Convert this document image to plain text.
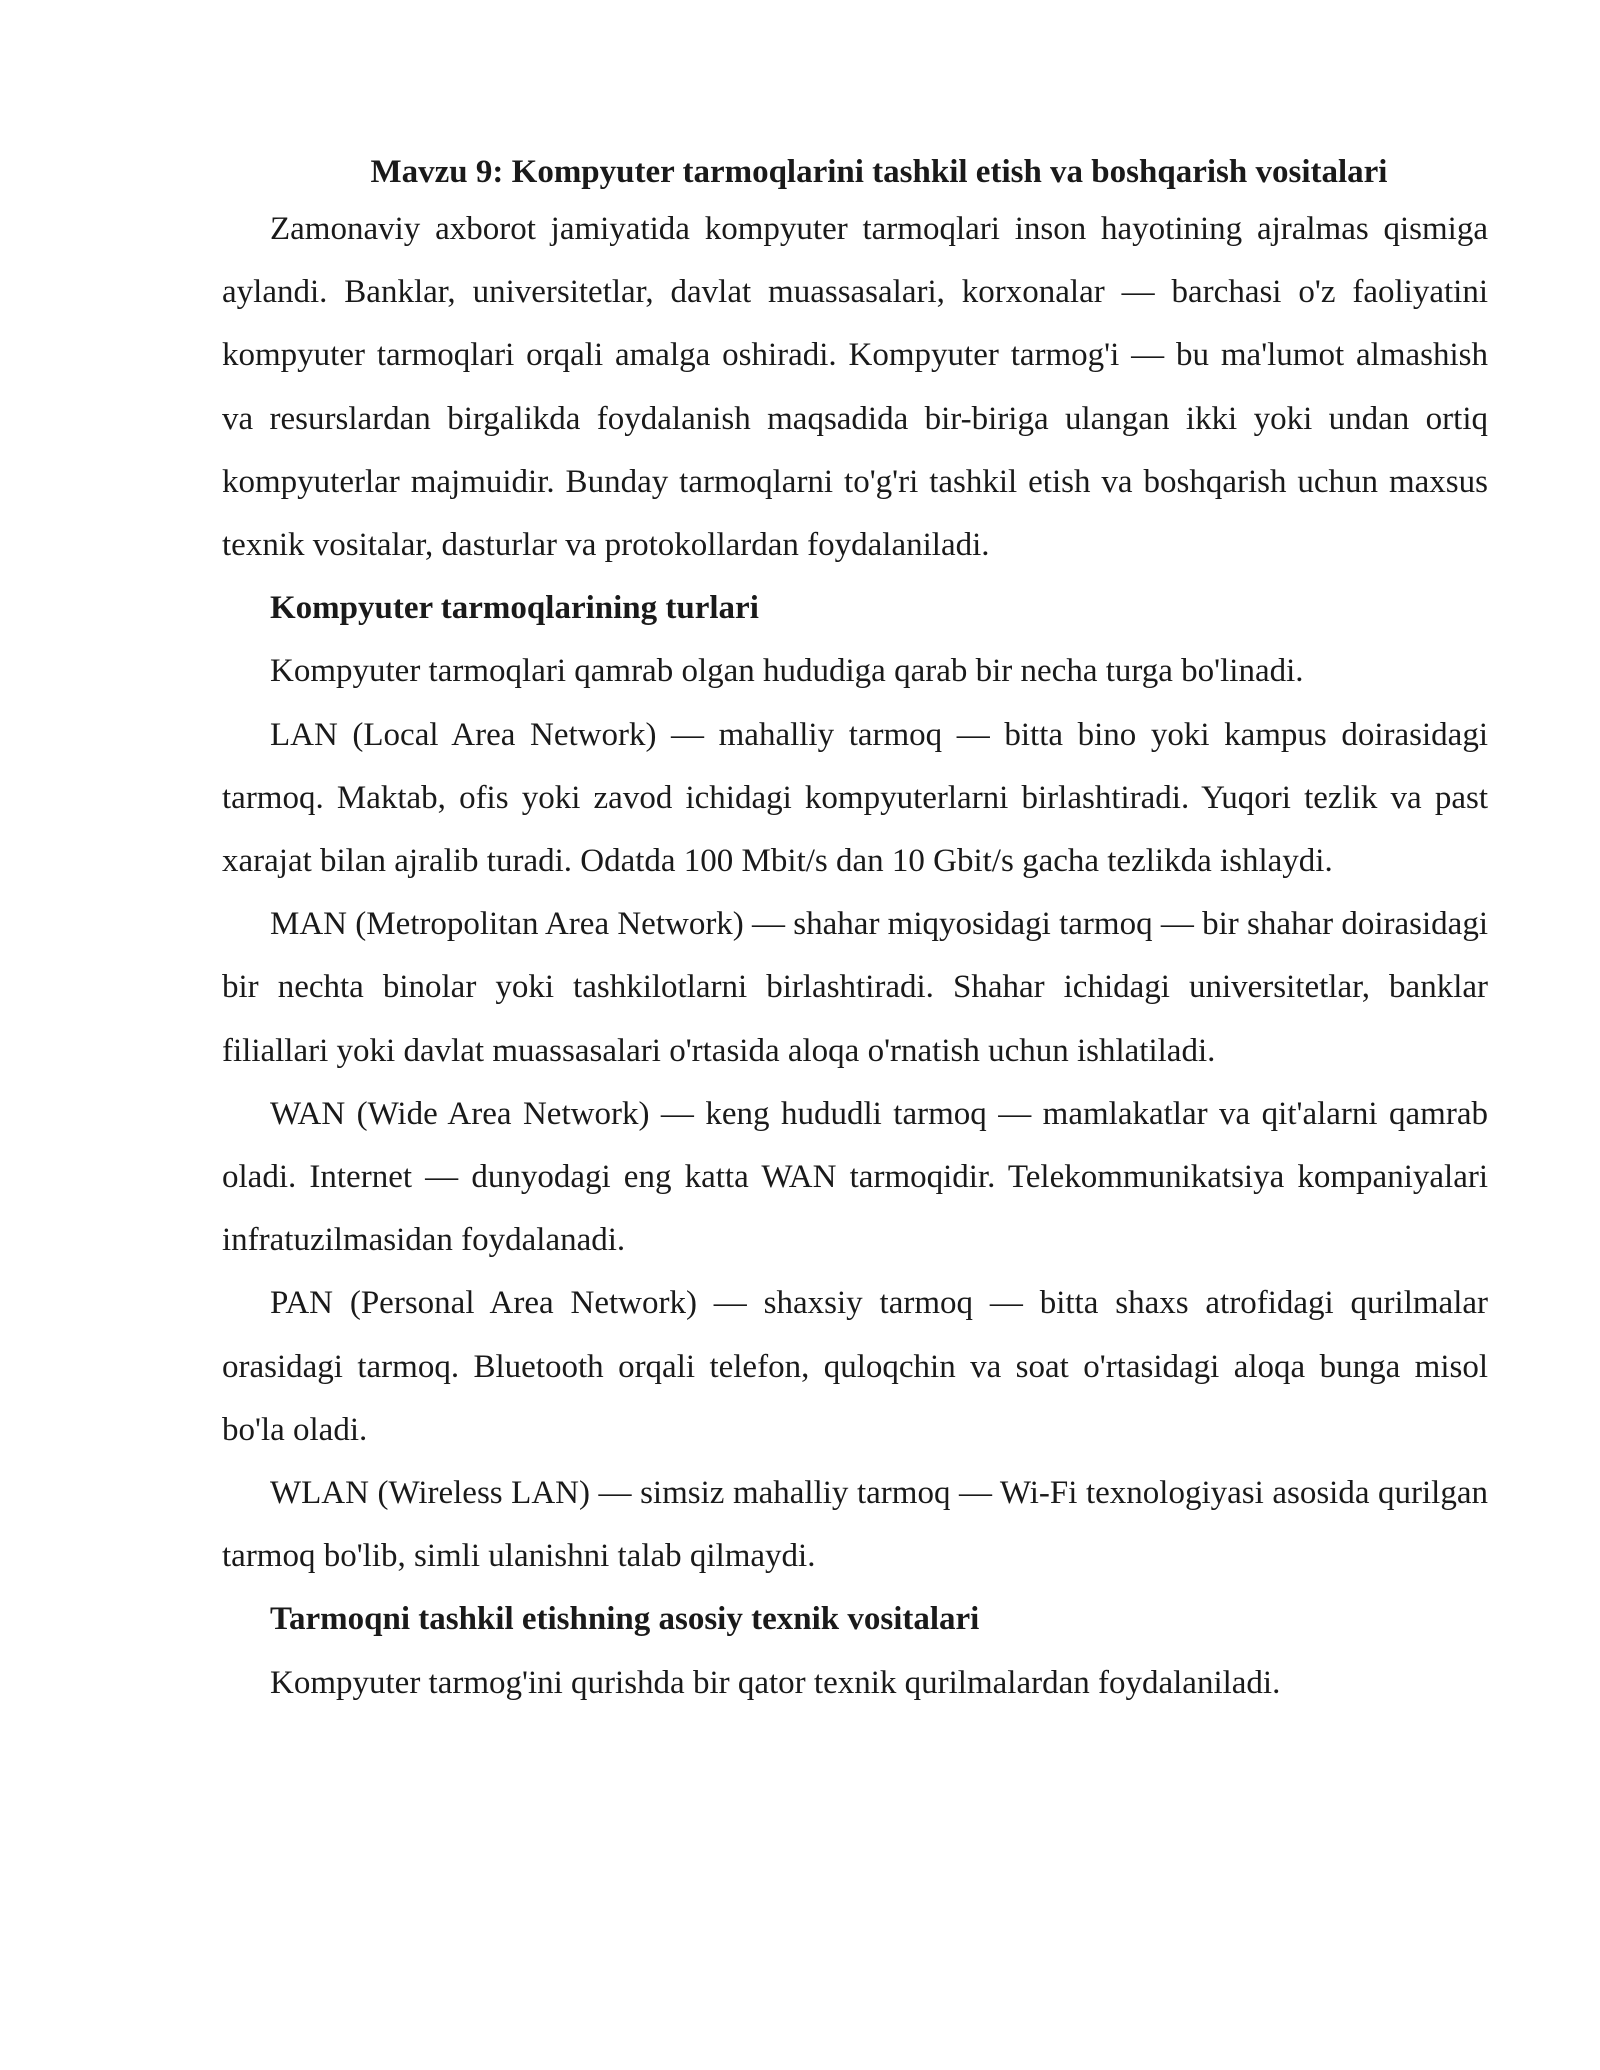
Mavzu 9: Kompyuter tarmoqlarini tashkil etish va boshqarish vositalari

Zamonaviy axborot jamiyatida kompyuter tarmoqlari inson hayotining ajralmas qismiga aylandi. Banklar, universitetlar, davlat muassasalari, korxonalar — barchasi o'z faoliyatini kompyuter tarmoqlari orqali amalga oshiradi. Kompyuter tarmog'i — bu ma'lumot almashish va resurslardan birgalikda foydalanish maqsadida bir-biriga ulangan ikki yoki undan ortiq kompyuterlar majmuidir. Bunday tarmoqlarni to'g'ri tashkil etish va boshqarish uchun maxsus texnik vositalar, dasturlar va protokollardan foydalaniladi.

Kompyuter tarmoqlarining turlari

Kompyuter tarmoqlari qamrab olgan hududiga qarab bir necha turga bo'linadi.

LAN (Local Area Network) — mahalliy tarmoq — bitta bino yoki kampus doirasidagi tarmoq. Maktab, ofis yoki zavod ichidagi kompyuterlarni birlashtiradi. Yuqori tezlik va past xarajat bilan ajralib turadi. Odatda 100 Mbit/s dan 10 Gbit/s gacha tezlikda ishlaydi.

MAN (Metropolitan Area Network) — shahar miqyosidagi tarmoq — bir shahar doirasidagi bir nechta binolar yoki tashkilotlarni birlashtiradi. Shahar ichidagi universitetlar, banklar filiallari yoki davlat muassasalari o'rtasida aloqa o'rnatish uchun ishlatiladi.

WAN (Wide Area Network) — keng hududli tarmoq — mamlakatlar va qit'alarni qamrab oladi. Internet — dunyodagi eng katta WAN tarmoqidir. Telekommunikatsiya kompaniyalari infratuzilmasidan foydalanadi.

PAN (Personal Area Network) — shaxsiy tarmoq — bitta shaxs atrofidagi qurilmalar orasidagi tarmoq. Bluetooth orqali telefon, quloqchin va soat o'rtasidagi aloqa bunga misol bo'la oladi.

WLAN (Wireless LAN) — simsiz mahalliy tarmoq — Wi-Fi texnologiyasi asosida qurilgan tarmoq bo'lib, simli ulanishni talab qilmaydi.

Tarmoqni tashkil etishning asosiy texnik vositalari

Kompyuter tarmog'ini qurishda bir qator texnik qurilmalardan foydalaniladi.
